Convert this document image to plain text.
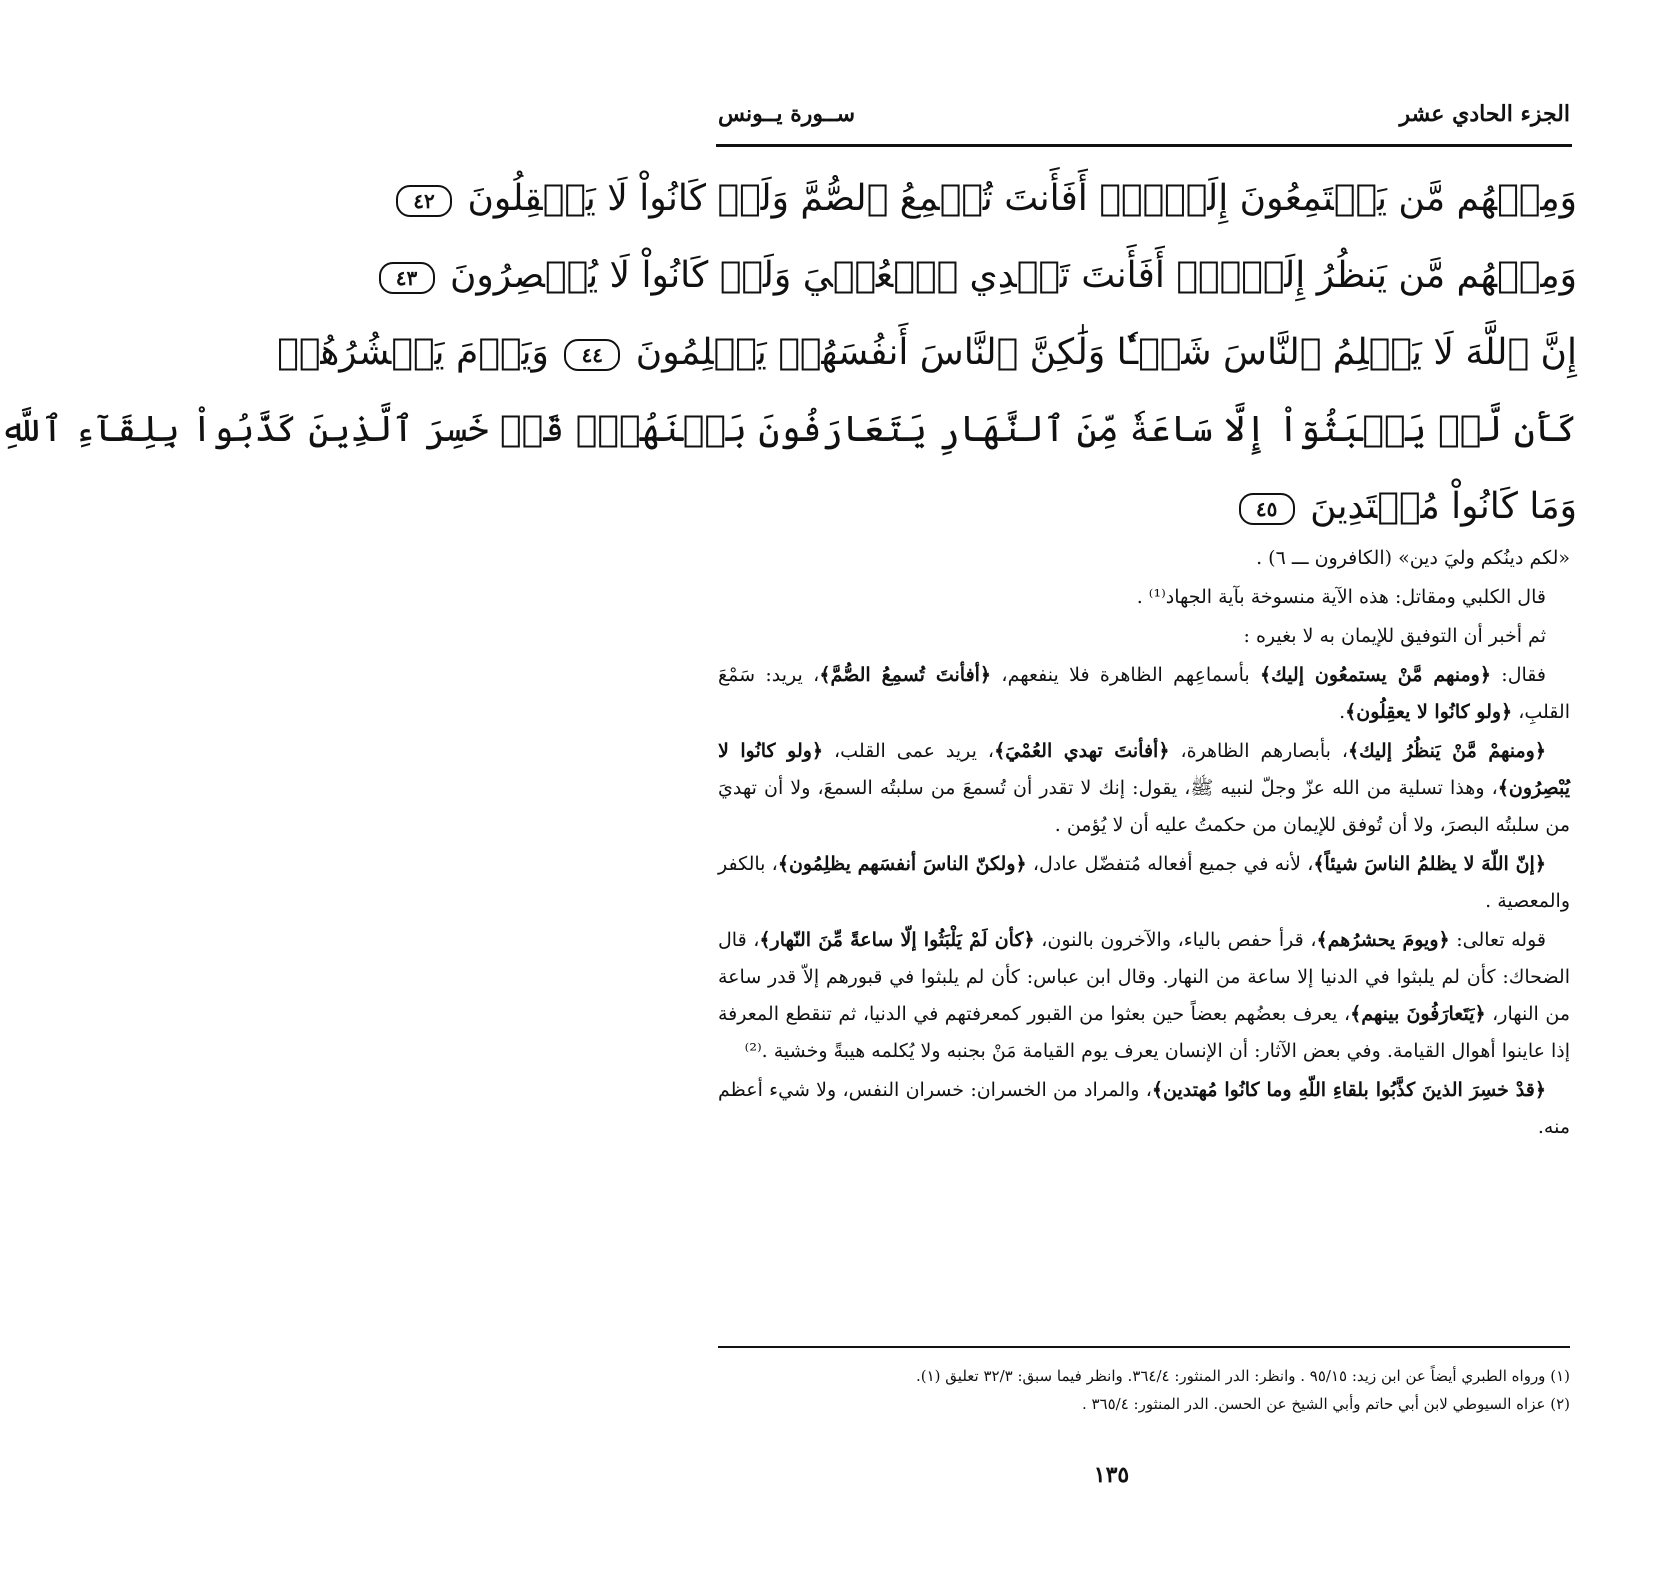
الجزء الحادي عشر
ســورة يــونس
وَمِنۡهُم مَّن يَسۡتَمِعُونَ إِلَيۡكَۚ أَفَأَنتَ تُسۡمِعُ ٱلصُّمَّ وَلَوۡ كَانُواْ لَا يَعۡقِلُونَ ٤٢
وَمِنۡهُم مَّن يَنظُرُ إِلَيۡكَۚ أَفَأَنتَ تَهۡدِي ٱلۡعُمۡيَ وَلَوۡ كَانُواْ لَا يُبۡصِرُونَ ٤٣
إِنَّ ٱللَّهَ لَا يَظۡلِمُ ٱلنَّاسَ شَيۡـٔٗا وَلَٰكِنَّ ٱلنَّاسَ أَنفُسَهُمۡ يَظۡلِمُونَ ٤٤ وَيَوۡمَ يَحۡشُرُهُمۡ
كَأَن لَّمۡ يَلۡبَثُوٓاْ إِلَّا سَاعَةٗ مِّنَ ٱلنَّهَارِ يَتَعَارَفُونَ بَيۡنَهُمۡۚ قَدۡ خَسِرَ ٱلَّذِينَ كَذَّبُواْ بِلِقَآءِ ٱللَّهِ
وَمَا كَانُواْ مُهۡتَدِينَ ٤٥

«لكم دينُكم وليَ دين» (الكافرون ـــ ٦) .

قال الكلبي ومقاتل: هذه الآية منسوخة بآية الجهاد⁽¹⁾ .

ثم أخبر أن التوفيق للإيمان به لا بغيره :

فقال: ﴿ومنهم مَّنْ يستمعُون إليك﴾ بأسماعِهم الظاهرة فلا ينفعهم، ﴿أفأنتَ تُسمِعُ الصُّمَّ﴾، يريد: سَمْعَ القلبِ، ﴿ولو كانُوا لا يعقِلُون﴾.

﴿ومنهمْ مَّنْ يَنظُرُ إليك﴾، بأبصارهم الظاهرة، ﴿أفأنتَ تهدي العُمْيَ﴾، يريد عمى القلب، ﴿ولو كانُوا لا يُبْصِرُون﴾، وهذا تسلية من الله عزّ وجلّ لنبيه ﷺ، يقول: إنك لا تقدر أن تُسمعَ من سلبتُه السمعَ، ولا أن تهديَ من سلبتُه البصرَ، ولا أن تُوفق للإيمان من حكمتُ عليه أن لا يُؤمن .

﴿إنّ اللّهَ لا يظلمُ الناسَ شيئاً﴾، لأنه في جميع أفعاله مُتفضّل عادل، ﴿ولكنّ الناسَ أنفسَهم يظلِمُون﴾، بالكفر والمعصية .

قوله تعالى: ﴿ويومَ يحشرُهم﴾، قرأ حفص بالياء، والآخرون بالنون، ﴿كأن لَمْ يَلْبَثُوا إلّا ساعةً مِّنَ النّهار﴾، قال الضحاك: كأن لم يلبثوا في الدنيا إلا ساعة من النهار. وقال ابن عباس: كأن لم يلبثوا في قبورهم إلاّ قدر ساعة من النهار، ﴿يَتَعارَفُونَ بينهم﴾، يعرف بعضُهم بعضاً حين بعثوا من القبور كمعرفتهم في الدنيا، ثم تنقطع المعرفة إذا عاينوا أهوال القيامة. وفي بعض الآثار: أن الإنسان يعرف يوم القيامة مَنْ بجنبه ولا يُكلمه هيبةً وخشية .⁽²⁾

﴿قدْ خسِرَ الذينَ كذَّبُوا بلقاءِ اللّهِ وما كانُوا مُهتدين﴾، والمراد من الخسران: خسران النفس، ولا شيء أعظم منه.

(١) ورواه الطبري أيضاً عن ابن زيد: ٩٥/١٥ . وانظر: الدر المنثور: ٣٦٤/٤. وانظر فيما سبق: ٣٢/٣ تعليق (١).

(٢) عزاه السيوطي لابن أبي حاتم وأبي الشيخ عن الحسن. الدر المنثور: ٣٦٥/٤ .

١٣٥
